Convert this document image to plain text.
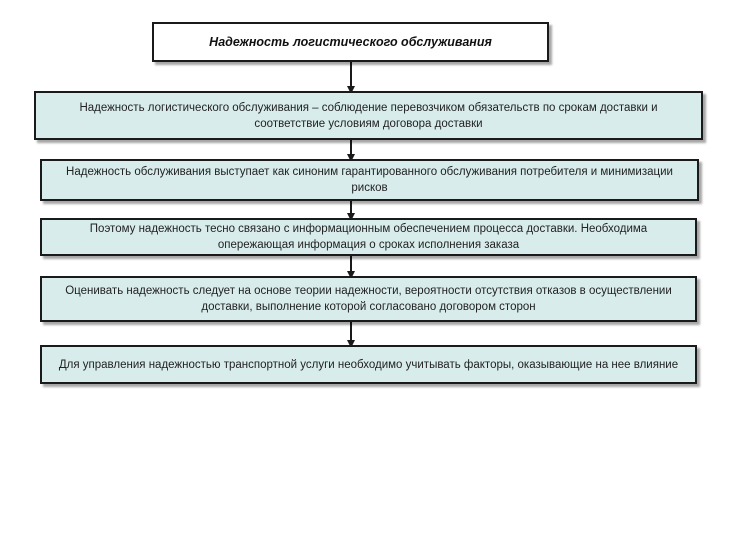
Надежность логистического обслуживания
Надежность логистического обслуживания – соблюдение перевозчиком обязательств по срокам доставки и соответствие условиям договора доставки
Надежность обслуживания выступает как синоним гарантированного обслуживания потребителя и минимизации рисков
Поэтому надежность тесно связано с информационным обеспечением процесса доставки. Необходима опережающая информация о сроках исполнения заказа
Оценивать надежность следует на основе теории надежности, вероятности отсутствия отказов в осуществлении доставки, выполнение которой согласовано договором сторон
Для управления надежностью транспортной услуги необходимо учитывать факторы, оказывающие на нее влияние
